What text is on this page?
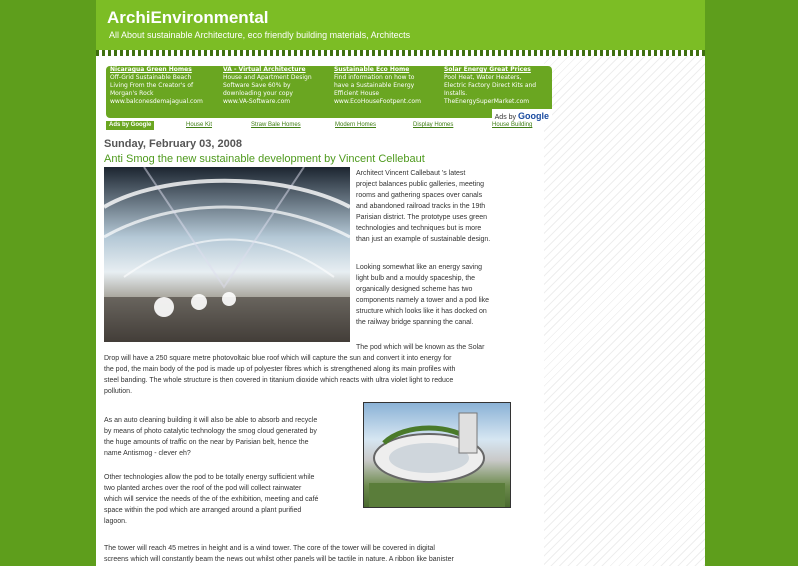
ArchiEnvironmental
All About sustainable Architecture, eco friendly building materials, Architects
Nicaragua Green Homes
Off-Grid Sustainable Beach
Living From the Creator's of
Morgan's Rock
www.balconesdemajagual.com
VA - Virtual Architecture
House and Apartment Design
Software Save 60% by
downloading your copy
www.VA-Software.com
Sustainable Eco Home
Find information on how to
have a Sustainable Energy
Efficient House
www.EcoHouseFootpent.com
Solar Energy Great Prices
Pool Heat, Water Heaters,
Electric Factory Direct Kits and
Installs.
TheEnergySuperMarket.com
Ads by Google
Ads by Google	House Kit	Straw Bale Homes	Modern Homes	Display Homes	House Building
Sunday, February 03, 2008
Anti Smog the new sustainable development by Vincent Cellebaut
Architect Vincent Callebaut 's latest
project balances public galleries, meeting
rooms and gathering spaces over canals
and abandoned railroad tracks in the 19th
Parisian district. The prototype uses green
technologies and techniques but is more
than just an example of sustainable design.
Looking somewhat like an energy saving
light bulb and a mouldy spaceship, the
organically designed scheme has two
components namely a tower and a pod like
structure which looks like it has docked on
the railway bridge spanning the canal.
The pod which will be known as the Solar
Drop will have a 250 square metre photovoltaic blue roof which will capture the sun and convert it into energy for
the pod, the main body of the pod is made up of polyester fibres which is strengthened along its main profiles with
steel banding. The whole structure is then covered in titanium dioxide which reacts with ultra violet light to reduce
pollution.
As an auto cleaning building it will also be able to absorb and recycle
by means of photo catalytic technology the smog cloud generated by
the huge amounts of traffic on the near by Parisian belt, hence the
name Antismog - clever eh?
Other technologies allow the pod to be totally energy sufficient while
two planted arches over the roof of the pod will collect rainwater
which will service the needs of the of the exhibition, meeting and café
space within the pod which are arranged around a plant purified
lagoon.
The tower will reach 45 metres in height and is a wind tower. The core of the tower will be covered in digital
screens which will constantly beam the news out whilst other panels will be tactile in nature. A ribbon like banister
